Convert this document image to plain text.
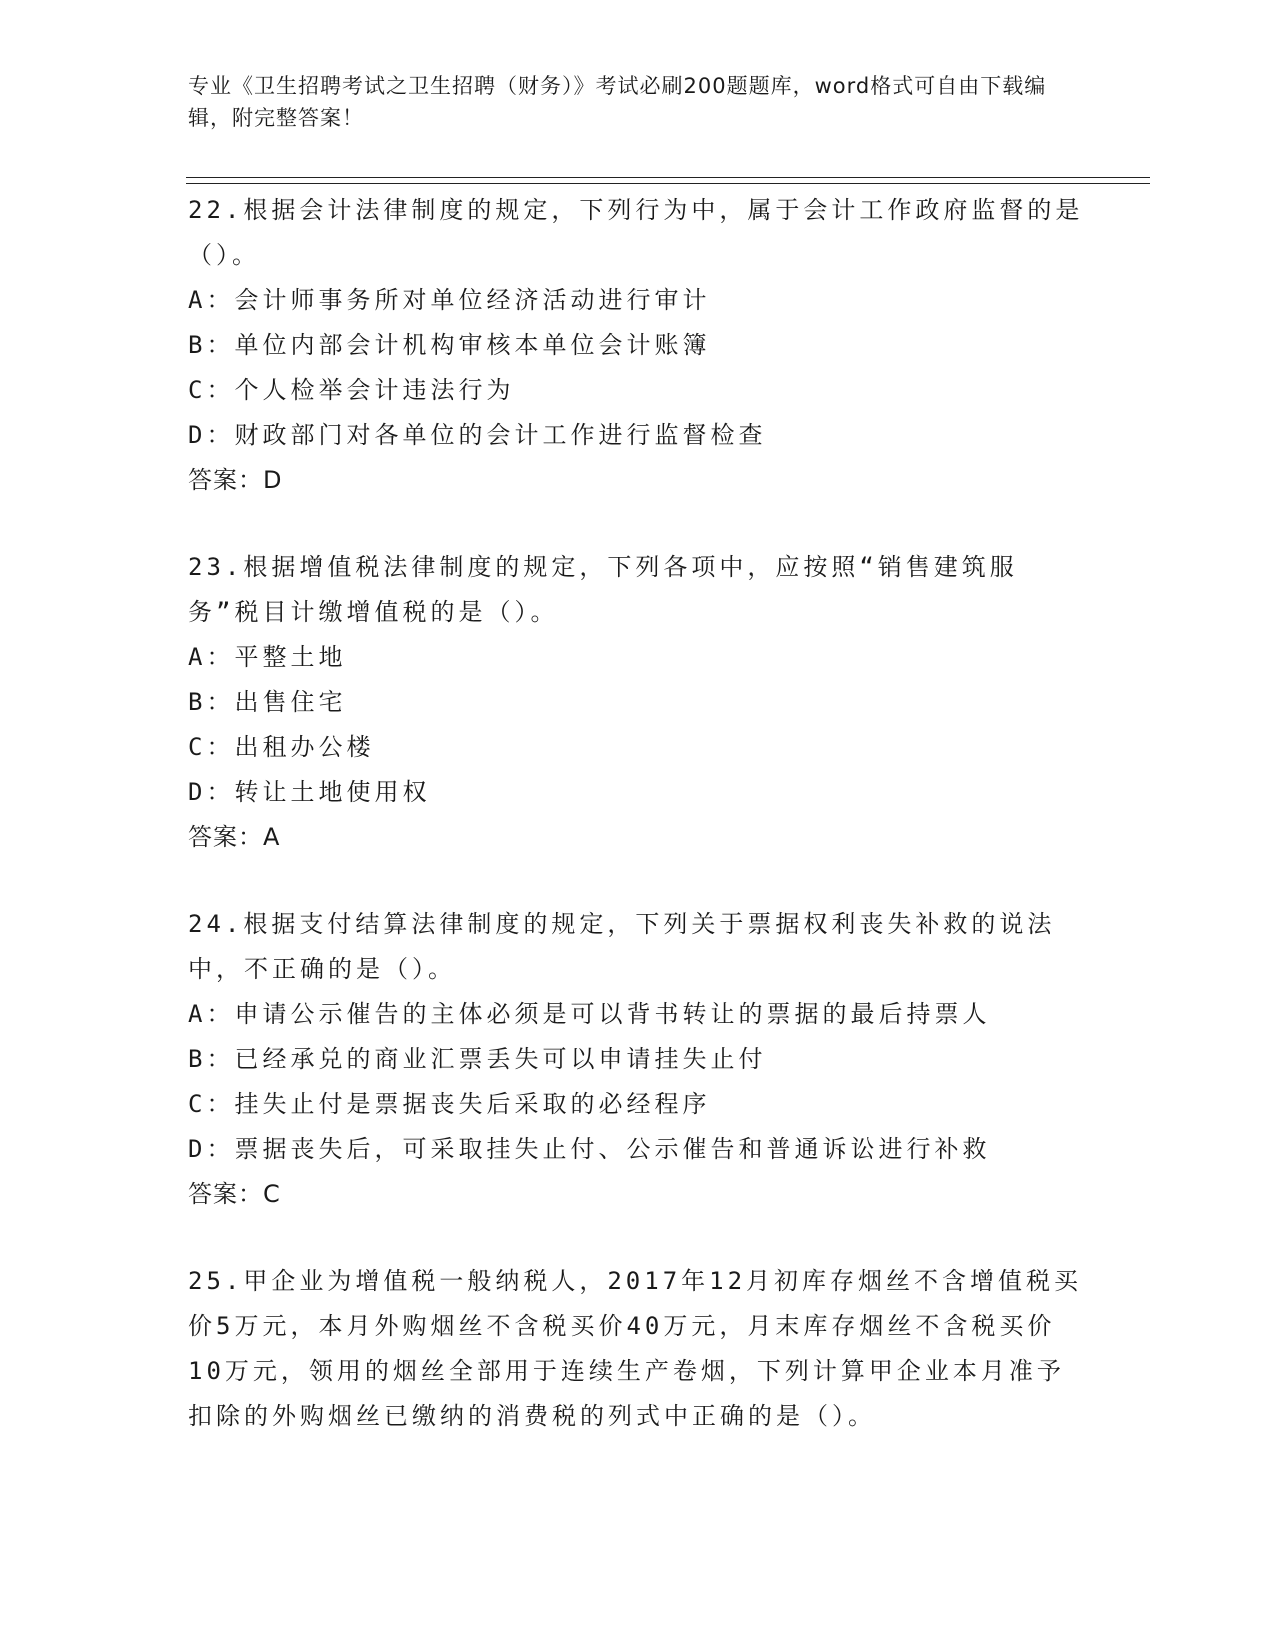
专业《卫生招聘考试之卫生招聘（财务）》考试必刷200题题库，word格式可自由下载编辑，附完整答案！

22.根据会计法律制度的规定，下列行为中，属于会计工作政府监督的是（）。

A：会计师事务所对单位经济活动进行审计

B：单位内部会计机构审核本单位会计账簿

C：个人检举会计违法行为

D：财政部门对各单位的会计工作进行监督检查

答案：D

23.根据增值税法律制度的规定，下列各项中，应按照“销售建筑服务”税目计缴增值税的是（）。

A：平整土地

B：出售住宅

C：出租办公楼

D：转让土地使用权

答案：A

24.根据支付结算法律制度的规定，下列关于票据权利丧失补救的说法中，不正确的是（）。

A：申请公示催告的主体必须是可以背书转让的票据的最后持票人

B：已经承兑的商业汇票丢失可以申请挂失止付

C：挂失止付是票据丧失后采取的必经程序

D：票据丧失后，可采取挂失止付、公示催告和普通诉讼进行补救

答案：C

25.甲企业为增值税一般纳税人，2017年12月初库存烟丝不含增值税买价5万元，本月外购烟丝不含税买价40万元，月末库存烟丝不含税买价10万元，领用的烟丝全部用于连续生产卷烟，下列计算甲企业本月准予扣除的外购烟丝已缴纳的消费税的列式中正确的是（）。
